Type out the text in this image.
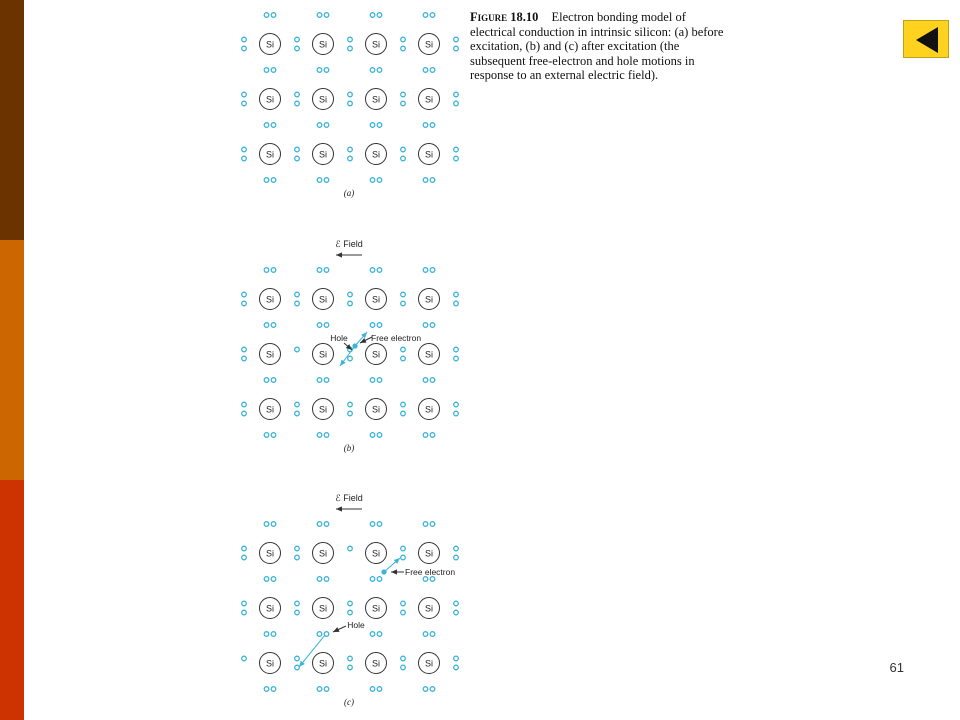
Si	Si	Si	Si
Si	Si	Si	Si
Si	Si	Si	Si
(a)
Si	Si	Si	Si
Si	Si	Si	Si
Si	Si	Si	Si
(b)
ℰ Field
Hole	Free electron
Si	Si	Si	Si
Si	Si	Si	Si
Si	Si	Si	Si
(c)
ℰ Field
Free electron
Hole
Figure 18.10 Electron bonding model of electrical conduction in intrinsic silicon: (a) before excitation, (b) and (c) after excitation (the subsequent free-electron and hole motions in response to an external electric field).
61
